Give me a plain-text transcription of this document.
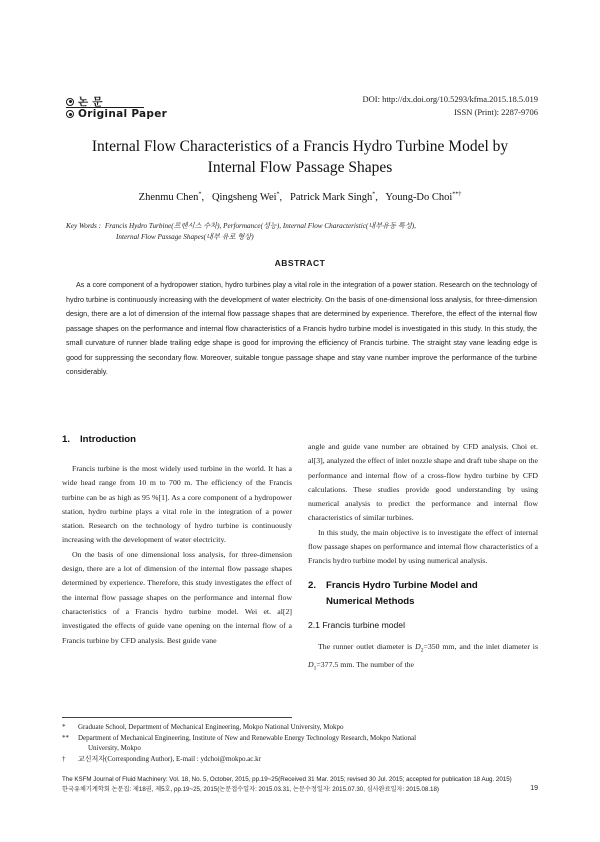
논 문
Original Paper
DOI: http://dx.doi.org/10.5293/kfma.2015.18.5.019
ISSN (Print): 2287-9706
Internal Flow Characteristics of a Francis Hydro Turbine Model by
Internal Flow Passage Shapes
Zhenmu Chen*, Qingsheng Wei*, Patrick Mark Singh*, Young-Do Choi**†
Key Words : Francis Hydro Turbine(프랜시스 수차), Performance(성능), Internal Flow Characteristic(내부유동 특성),
Internal Flow Passage Shapes(내부 유로 형상)
ABSTRACT
As a core component of a hydropower station, hydro turbines play a vital role in the integration of a power station. Research on the technology of hydro turbine is continuously increasing with the development of water electricity. On the basis of one-dimensional loss analysis, for three-dimension design, there are a lot of dimension of the internal flow passage shapes that are determined by experience. Therefore, the effect of the internal flow passage shapes on the performance and internal flow characteristics of a Francis hydro turbine model is investigated in this study. In this study, the small curvature of runner blade trailing edge shape is good for improving the efficiency of Francis turbine. The straight stay vane leading edge is good for suppressing the secondary flow. Moreover, suitable tongue passage shape and stay vane number improve the performance of the turbine considerably.
1. Introduction

Francis turbine is the most widely used turbine in the world. It has a wide head range from 10 m to 700 m. The efficiency of the Francis turbine can be as high as 95 %[1]. As a core component of a hydropower station, hydro turbine plays a vital role in the integration of a power station. Research on the technology of hydro turbine is continuously increasing with the development of water electricity.

On the basis of one dimensional loss analysis, for three-dimension design, there are a lot of dimension of the internal flow passage shapes determined by experience. Therefore, this study investigates the effect of the internal flow passage shapes on the performance and internal flow characteristics of a Francis hydro turbine model. Wei et. al[2] investigated the effects of guide vane opening on the internal flow of a Francis turbine by CFD analysis. Best guide vane

angle and guide vane number are obtained by CFD analysis. Choi et. al[3], analyzed the effect of inlet nozzle shape and draft tube shape on the performance and internal flow of a cross-flow hydro turbine by CFD calculations. These studies provide good understanding by using numerical analysis to predict the performance and internal flow characteristics of similar turbines.

In this study, the main objective is to investigate the effect of internal flow passage shapes on performance and internal flow characteristics of a Francis hydro turbine model by using numerical analysis.

2. Francis Hydro Turbine Model and
Numerical Methods
2.1 Francis turbine model

The runner outlet diameter is $D_2=350$ mm, and the inlet diameter is $D_1=377.5$ mm. The number of the

*	Graduate School, Department of Mechanical Engineering, Mokpo National University, Mokpo
**	Department of Mechanical Engineering, Institute of New and Renewable Energy Technology Research, Mokpo National
University, Mokpo
†	교신저자(Corresponding Author), E-mail : ydchoi@mokpo.ac.kr
The KSFM Journal of Fluid Machinery: Vol. 18, No. 5, October, 2015, pp.19~25(Received 31 Mar. 2015; revised 30 Jul. 2015; accepted for publication 18 Aug. 2015)
한국유체기계학회 논문집: 제18권, 제5호, pp.19~25, 2015(논문접수일자: 2015.03.31, 논문수정일자: 2015.07.30, 심사완료일자: 2015.08.18)	19
